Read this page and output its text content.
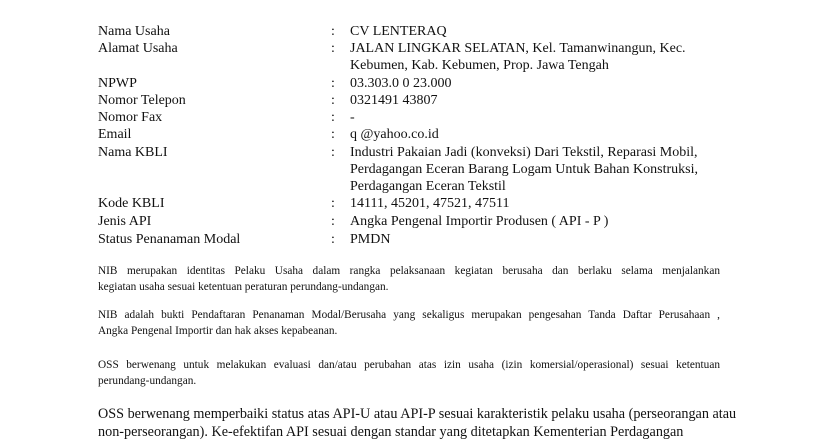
Nama Usaha	: CV LENTERAQ
Alamat Usaha	: JALAN LINGKAR SELATAN, Kel. Tamanwinangun, Kec.
Kebumen, Kab. Kebumen, Prop. Jawa Tengah
NPWP	: 03.303.0 0 23.000
Nomor Telepon	: 0321491 43807
Nomor Fax	: -
Email	: q @yahoo.co.id
Nama KBLI	: Industri Pakaian Jadi (konveksi) Dari Tekstil, Reparasi Mobil,
Perdagangan Eceran Barang Logam Untuk Bahan Konstruksi,
Perdagangan Eceran Tekstil
Kode KBLI	: 14111, 45201, 47521, 47511
Jenis API	: Angka Pengenal Importir Produsen ( API - P )
Status Penanaman Modal	: PMDN
NIB merupakan identitas Pelaku Usaha dalam rangka pelaksanaan kegiatan berusaha dan berlaku selama menjalankan
kegiatan usaha sesuai ketentuan peraturan perundang-undangan.
NIB adalah bukti Pendaftaran Penanaman Modal/Berusaha yang sekaligus merupakan pengesahan Tanda Daftar Perusahaan ,
Angka Pengenal Importir dan hak akses kepabeanan.
OSS berwenang untuk melakukan evaluasi dan/atau perubahan atas izin usaha (izin komersial/operasional) sesuai ketentuan
perundang-undangan.
OSS berwenang memperbaiki status atas API-U atau API-P sesuai karakteristik pelaku usaha (perseorangan atau
non-perseorangan). Ke-efektifan API sesuai dengan standar yang ditetapkan Kementerian Perdagangan
